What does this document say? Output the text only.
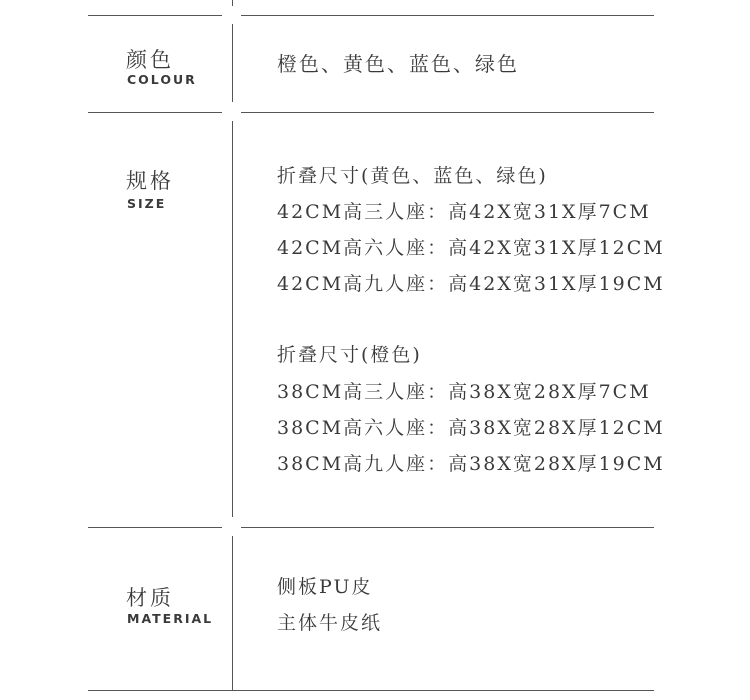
颜色
COLOUR
橙色、黄色、蓝色、绿色
规格
SIZE
折叠尺寸(黄色、蓝色、绿色)
42CM高三人座：高42X宽31X厚7CM
42CM高六人座：高42X宽31X厚12CM
42CM高九人座：高42X宽31X厚19CM
折叠尺寸(橙色)
38CM高三人座：高38X宽28X厚7CM
38CM高六人座：高38X宽28X厚12CM
38CM高九人座：高38X宽28X厚19CM
材质
MATERIAL
侧板PU皮
主体牛皮纸
